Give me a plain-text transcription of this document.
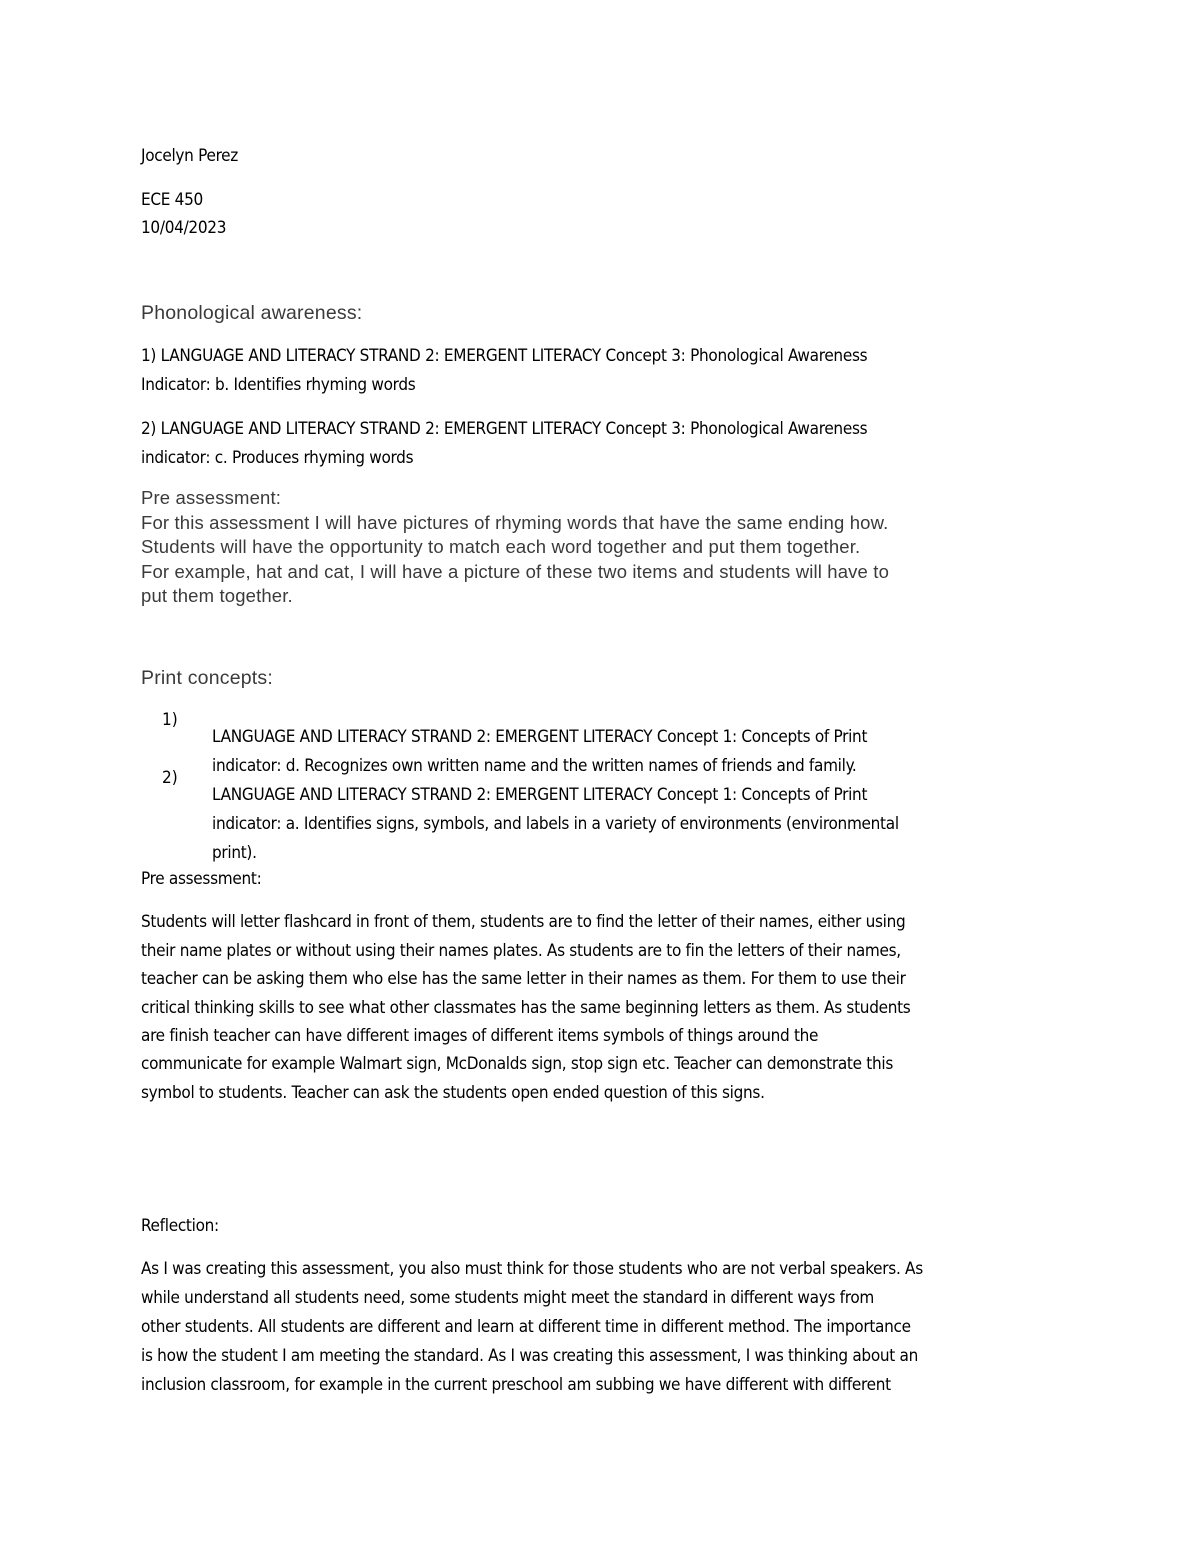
Jocelyn Perez

ECE 450

10/04/2023

Phonological awareness:

1) LANGUAGE AND LITERACY STRAND 2: EMERGENT LITERACY Concept 3: Phonological Awareness

Indicator: b. Identifies rhyming words

2) LANGUAGE AND LITERACY STRAND 2: EMERGENT LITERACY Concept 3: Phonological Awareness

indicator: c. Produces rhyming words

Pre assessment:

For this assessment I will have pictures of rhyming words that have the same ending how.

Students will have the opportunity to match each word together and put them together.

For example, hat and cat, I will have a picture of these two items and students will have to

put them together.

Print concepts:

1)

LANGUAGE AND LITERACY STRAND 2: EMERGENT LITERACY Concept 1: Concepts of Print

indicator: d. Recognizes own written name and the written names of friends and family.

2)

LANGUAGE AND LITERACY STRAND 2: EMERGENT LITERACY Concept 1: Concepts of Print

indicator: a. Identifies signs, symbols, and labels in a variety of environments (environmental

print).

Pre assessment:

Students will letter flashcard in front of them, students are to find the letter of their names, either using

their name plates or without using their names plates. As students are to fin the letters of their names,

teacher can be asking them who else has the same letter in their names as them. For them to use their

critical thinking skills to see what other classmates has the same beginning letters as them. As students

are finish teacher can have different images of different items symbols of things around the

communicate for example Walmart sign, McDonalds sign, stop sign etc. Teacher can demonstrate this

symbol to students. Teacher can ask the students open ended question of this signs.

Reflection:

As I was creating this assessment, you also must think for those students who are not verbal speakers. As

while understand all students need, some students might meet the standard in different ways from

other students. All students are different and learn at different time in different method. The importance

is how the student I am meeting the standard. As I was creating this assessment, I was thinking about an

inclusion classroom, for example in the current preschool am subbing we have different with different
